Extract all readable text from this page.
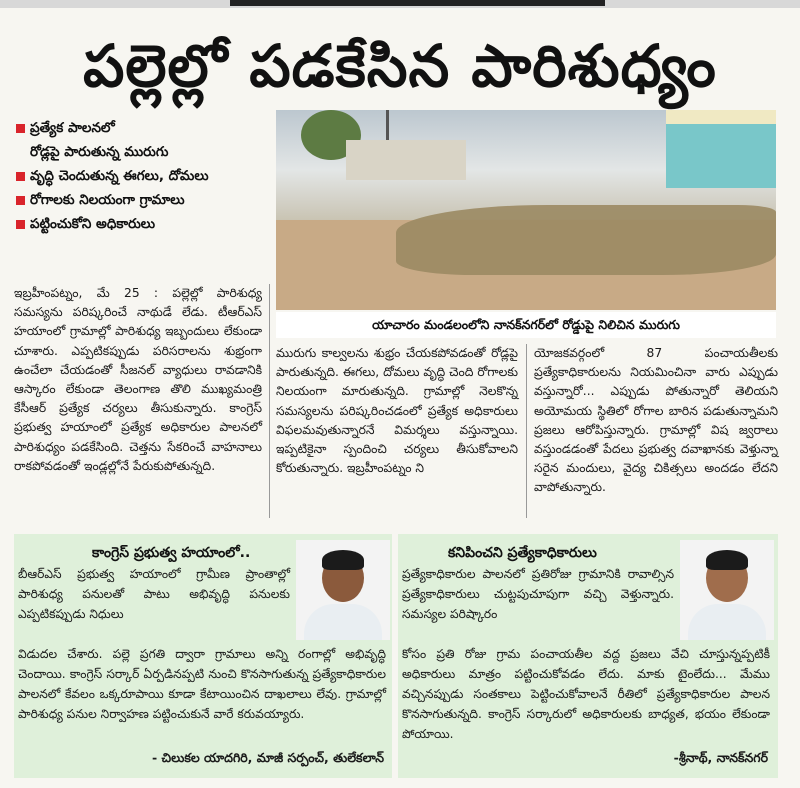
పల్లెల్లో పడకేసిన పారిశుధ్యం
ప్రత్యేక పాలనలో
రోడ్లపై పారుతున్న మురుగు
వృద్ధి చెందుతున్న ఈగలు, దోమలు
రోగాలకు నిలయంగా గ్రామాలు
పట్టించుకోని అధికారులు
యాచారం మండలంలోని నానక్‌నగర్‌లో రోడ్డుపై నిలిచిన మురుగు
ఇబ్రహీంపట్నం, మే 25 : పల్లెల్లో పారిశుధ్య సమస్యను పరిష్కరించే నాథుడే లేడు. టీఆర్‌ఎస్‌ హయాంలో గ్రామాల్లో పారిశుధ్య ఇబ్బందులు లేకుండా చూశారు. ఎప్పటికప్పుడు పరిసరాలను శుభ్రంగా ఉంచేలా చేయడంతో సీజనల్‌ వ్యాధులు రావడానికి ఆస్కారం లేకుండా తెలంగాణ తొలి ముఖ్యమంత్రి కేసీఆర్‌ ప్రత్యేక చర్యలు తీసుకున్నారు. కాంగ్రెస్‌ ప్రభుత్వ హయాంలో ప్రత్యేక అధికారుల పాలనలో పారిశుధ్యం పడకేసింది. చెత్తను సేకరించే వాహనాలు రాకపోవడంతో ఇండ్లల్లోనే పేరుకుపోతున్నది.
మురుగు కాల్వలను శుభ్రం చేయకపోవడంతో రోడ్లపై పారుతున్నది. ఈగలు, దోమలు వృద్ధి చెంది రోగాలకు నిలయంగా మారుతున్నది. గ్రామాల్లో నెలకొన్న సమస్యలను పరిష్కరించడంలో ప్రత్యేక అధికారులు విఫలమవుతున్నారనే విమర్శలు వస్తున్నాయి. ఇప్పటికైనా స్పందించి చర్యలు తీసుకోవాలని కోరుతున్నారు. ఇబ్రహీంపట్నం ని
యోజకవర్గంలో 87 పంచాయతీలకు ప్రత్యేకాధికారులను నియమించినా వారు ఎప్పుడు వస్తున్నారో... ఎప్పుడు పోతున్నారో తెలియని అయోమయ స్థితిలో రోగాల బారిన పడుతున్నామని ప్రజలు ఆరోపిస్తున్నారు. గ్రామాల్లో విష జ్వరాలు వస్తుండడంతో పేదలు ప్రభుత్వ దవాఖానకు వెళ్తున్నా సరైన మందులు, వైద్య చికిత్సలు అందడం లేదని వాపోతున్నారు.
కాంగ్రెస్‌ ప్రభుత్వ హయాంలో..
బీఆర్‌ఎస్‌ ప్రభుత్వ హయాంలో గ్రామీణ ప్రాంతాల్లో పారిశుధ్య పనులతో పాటు అభివృద్ధి పనులకు ఎప్పటికప్పుడు నిధులు
విడుదల చేశారు. పల్లె ప్రగతి ద్వారా గ్రామాలు అన్ని రంగాల్లో అభివృద్ధి చెందాయి. కాంగ్రెస్‌ సర్కార్‌ ఏర్పడినప్పటి నుంచి కొనసాగుతున్న ప్రత్యేకాధికారుల పాలనలో కేవలం ఒక్కరూపాయి కూడా కేటాయించిన దాఖలాలు లేవు. గ్రామాల్లో పారిశుధ్య పనుల నిర్వాహణ పట్టించుకునే వారే కరువయ్యారు.
- చిలుకల యాదగిరి, మాజీ సర్పంచ్‌, తులేకలాన్‌
కనిపించని ప్రత్యేకాధికారులు
ప్రత్యేకాధికారుల పాలనలో ప్రతిరోజు గ్రామానికి రావాల్సిన ప్రత్యేకాధికారులు చుట్టపుచూపుగా వచ్చి వెళ్తున్నారు. సమస్యల పరిష్కారం
కోసం ప్రతి రోజు గ్రామ పంచాయతీల వద్ద ప్రజలు వేచి చూస్తున్నప్పటికీ అధికారులు మాత్రం పట్టించుకోవడం లేదు. మాకు టైంలేదు... మేము వచ్చినప్పుడు సంతకాలు పెట్టించుకోవాలనే రీతిలో ప్రత్యేకాధికారుల పాలన కొనసాగుతున్నది. కాంగ్రెస్‌ సర్కారులో అధికారులకు బాధ్యత, భయం లేకుండా పోయాయి.
-శ్రీనాథ్‌, నానక్‌నగర్‌
